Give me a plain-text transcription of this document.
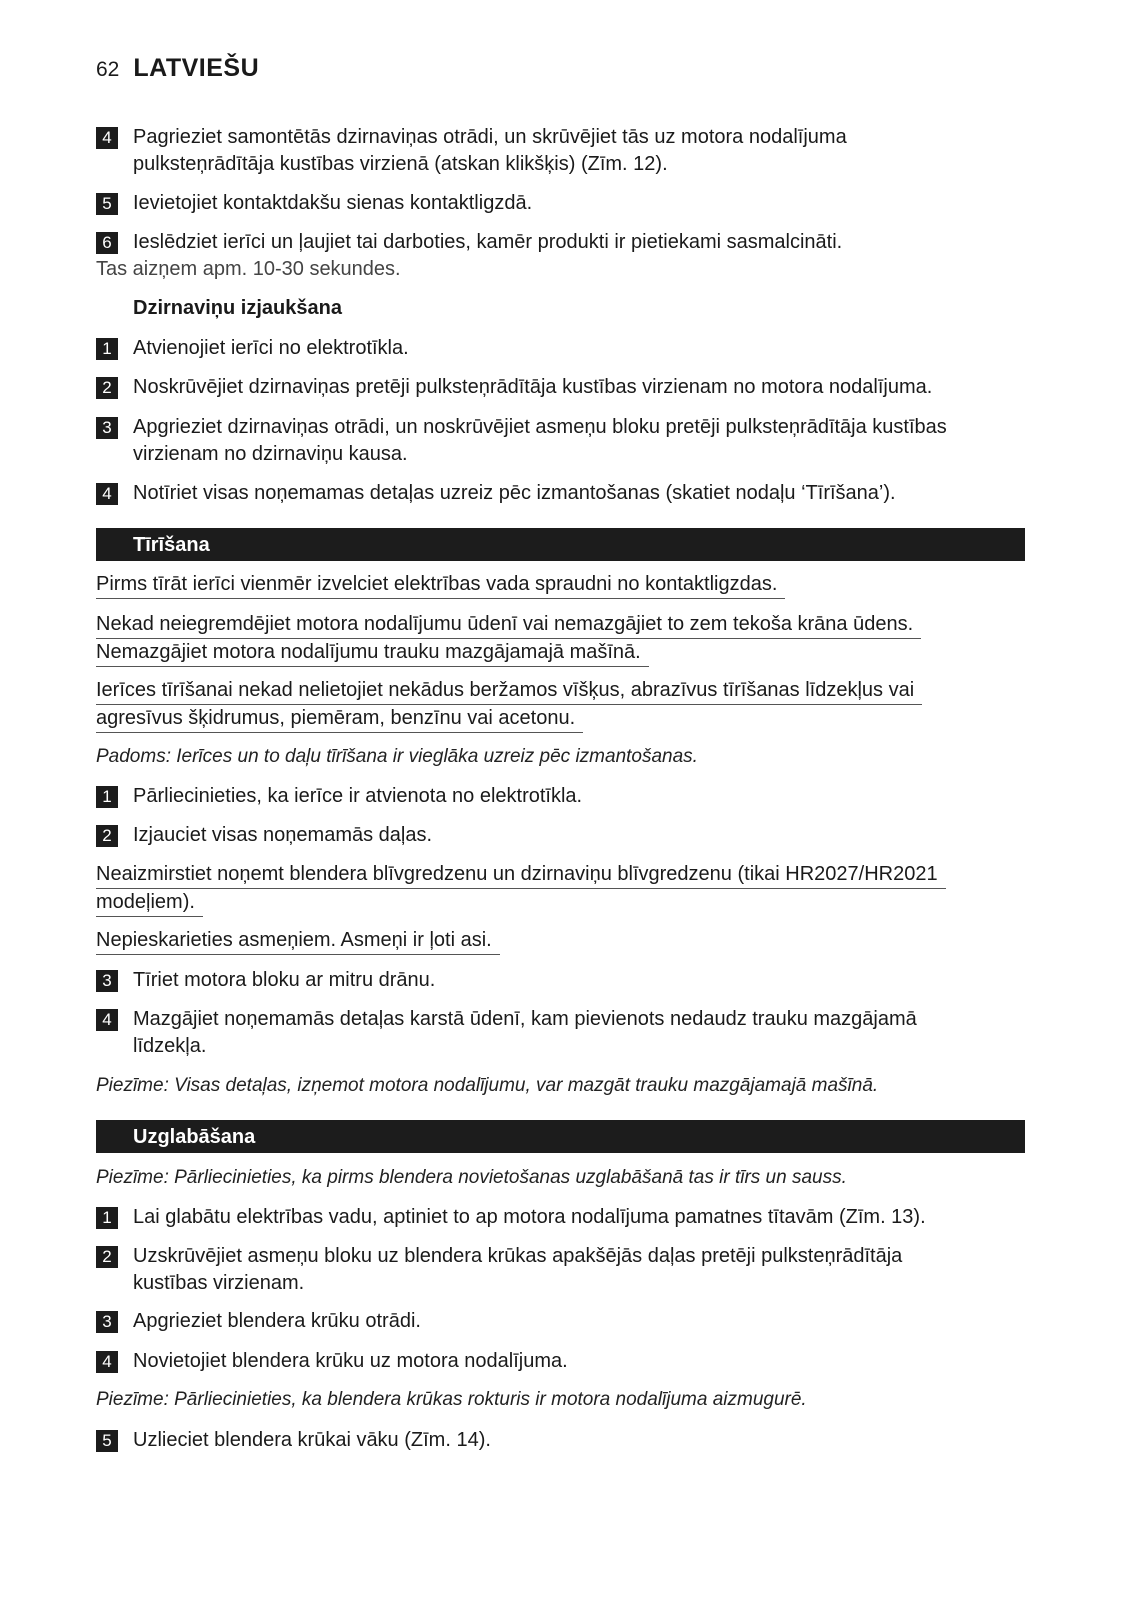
62 LATVIEŠU
4	Pagrieziet samontētās dzirnaviņas otrādi, un skrūvējiet tās uz motora nodalījuma
pulksteņrādītāja kustības virzienā (atskan klikšķis) (Zīm. 12).
5	Ievietojiet kontaktdakšu sienas kontaktligzdā.
6	Ieslēdziet ierīci un ļaujiet tai darboties, kamēr produkti ir pietiekami sasmalcināti.
Tas aizņem apm. 10-30 sekundes.
Dzirnaviņu izjaukšana
1	Atvienojiet ierīci no elektrotīkla.
2	Noskrūvējiet dzirnaviņas pretēji pulksteņrādītāja kustības virzienam no motora nodalījuma.
3	Apgrieziet dzirnaviņas otrādi, un noskrūvējiet asmeņu bloku pretēji pulksteņrādītāja kustības
virzienam no dzirnaviņu kausa.
4	Notīriet visas noņemamas detaļas uzreiz pēc izmantošanas (skatiet nodaļu ‘Tīrīšana’).
Tīrīšana
Pirms tīrāt ierīci vienmēr izvelciet elektrības vada spraudni no kontaktligzdas.
Nekad neiegremdējiet motora nodalījumu ūdenī vai nemazgājiet to zem tekoša krāna ūdens.
Nemazgājiet motora nodalījumu trauku mazgājamajā mašīnā.
Ierīces tīrīšanai nekad nelietojiet nekādus beržamos vīšķus, abrazīvus tīrīšanas līdzekļus vai
agresīvus šķidrumus, piemēram, benzīnu vai acetonu.
Padoms: Ierīces un to daļu tīrīšana ir vieglāka uzreiz pēc izmantošanas.
1	Pārliecinieties, ka ierīce ir atvienota no elektrotīkla.
2	Izjauciet visas noņemamās daļas.
Neaizmirstiet noņemt blendera blīvgredzenu un dzirnaviņu blīvgredzenu (tikai HR2027/HR2021
modeļiem).
Nepieskarieties asmeņiem. Asmeņi ir ļoti asi.
3	Tīriet motora bloku ar mitru drānu.
4	Mazgājiet noņemamās detaļas karstā ūdenī, kam pievienots nedaudz trauku mazgājamā
līdzekļa.
Piezīme: Visas detaļas, izņemot motora nodalījumu, var mazgāt trauku mazgājamajā mašīnā.
Uzglabāšana
Piezīme: Pārliecinieties, ka pirms blendera novietošanas uzglabāšanā tas ir tīrs un sauss.
1	Lai glabātu elektrības vadu, aptiniet to ap motora nodalījuma pamatnes tītavām (Zīm. 13).
2	Uzskrūvējiet asmeņu bloku uz blendera krūkas apakšējās daļas pretēji pulksteņrādītāja
kustības virzienam.
3	Apgrieziet blendera krūku otrādi.
4	Novietojiet blendera krūku uz motora nodalījuma.
Piezīme: Pārliecinieties, ka blendera krūkas rokturis ir motora nodalījuma aizmugurē.
5	Uzlieciet blendera krūkai vāku (Zīm. 14).
